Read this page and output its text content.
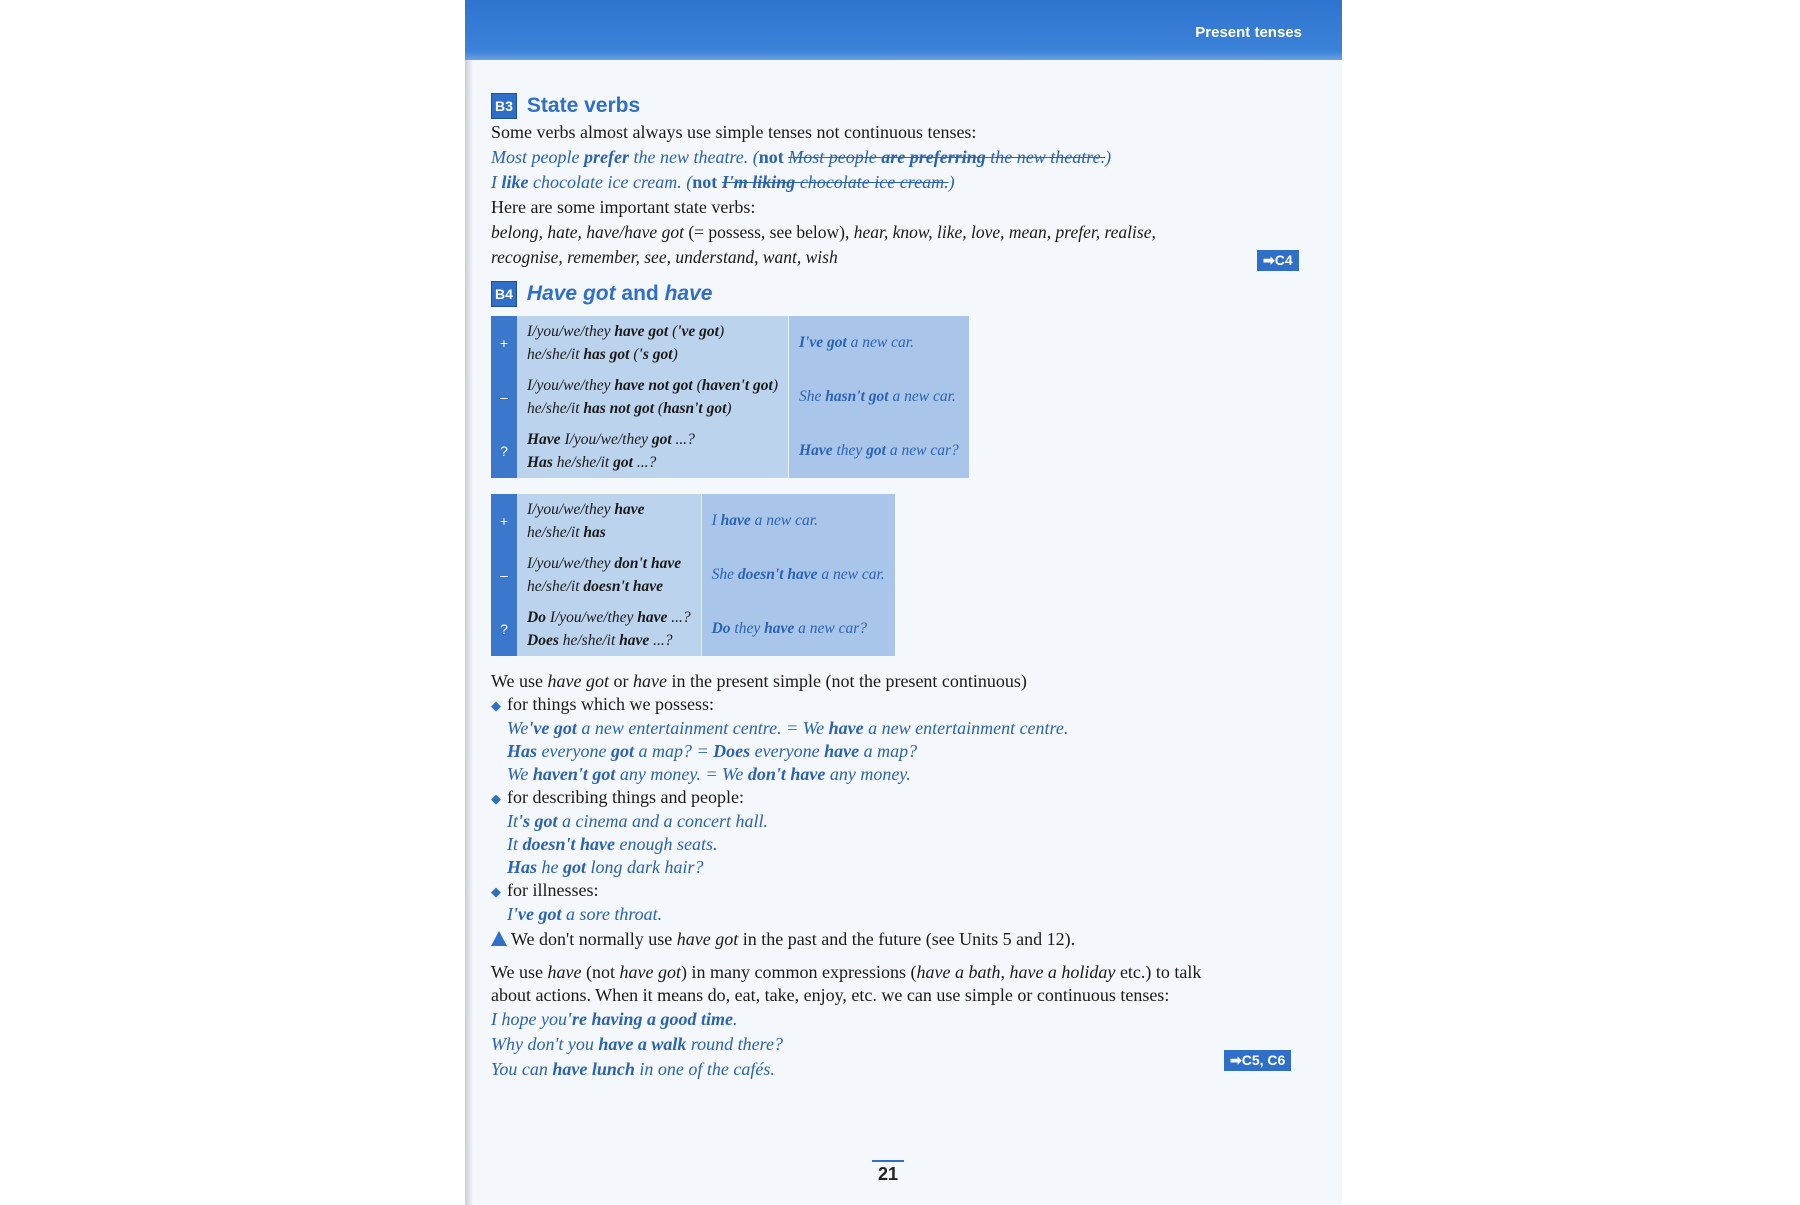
Present tenses
B3 State verbs
Some verbs almost always use simple tenses not continuous tenses:
Most people prefer the new theatre. (not Most people are preferring the new theatre.)
I like chocolate ice cream. (not I'm liking chocolate ice cream.)
Here are some important state verbs:
belong, hate, have/have got (= possess, see below), hear, know, like, love, mean, prefer, realise,
recognise, remember, see, understand, want, wish
B4 Have got and have
+	I/you/we/they have got ('ve got)
he/she/it has got ('s got)	I've got a new car.

–	I/you/we/they have not got (haven't got)
he/she/it has not got (hasn't got)	She hasn't got a new car.

?	Have I/you/we/they got ...?
Has he/she/it got ...?	Have they got a new car?
+	I/you/we/they have
he/she/it has	I have a new car.

–	I/you/we/they don't have
he/she/it doesn't have	She doesn't have a new car.

?	Do I/you/we/they have ...?
Does he/she/it have ...?	Do they have a new car?
We use have got or have in the present simple (not the present continuous)
◆ for things which we possess:
We've got a new entertainment centre. = We have a new entertainment centre.
Has everyone got a map? = Does everyone have a map?
We haven't got any money. = We don't have any money.
◆ for describing things and people:
It's got a cinema and a concert hall.
It doesn't have enough seats.
Has he got long dark hair?
◆ for illnesses:
I've got a sore throat.
We don't normally use have got in the past and the future (see Units 5 and 12).
We use have (not have got) in many common expressions (have a bath, have a holiday etc.) to talk
about actions. When it means do, eat, take, enjoy, etc. we can use simple or continuous tenses:
I hope you're having a good time.
Why don't you have a walk round there?
You can have lunch in one of the cafés.
➡C4
➡C5, C6
21
